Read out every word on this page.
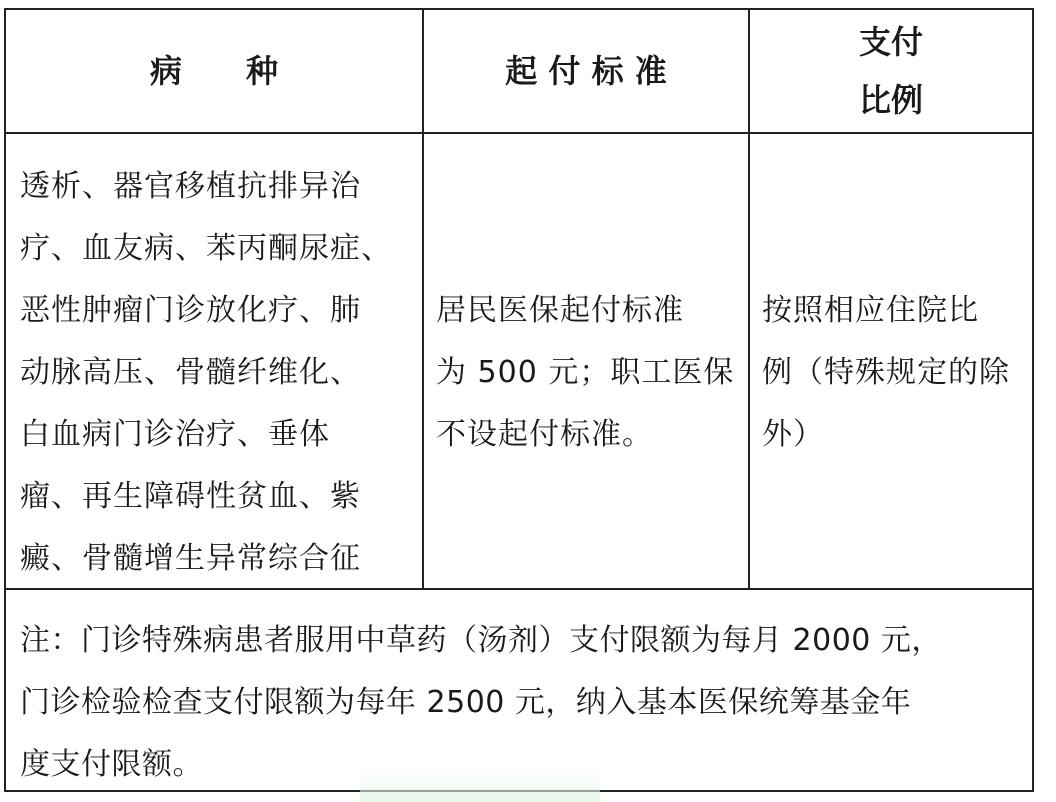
病　　种	起 付 标 准
支付
比例
透析、器官移植抗排异治
疗、血友病、苯丙酮尿症、
恶性肿瘤门诊放化疗、肺
动脉高压、骨髓纤维化、
白血病门诊治疗、垂体
瘤、再生障碍性贫血、紫
癜、骨髓增生异常综合征
居民医保起付标准
为 500 元；职工医保
不设起付标准。
按照相应住院比
例（特殊规定的除
外）
注：门诊特殊病患者服用中草药（汤剂）支付限额为每月 2000 元，
门诊检验检查支付限额为每年 2500 元，纳入基本医保统筹基金年
度支付限额。
